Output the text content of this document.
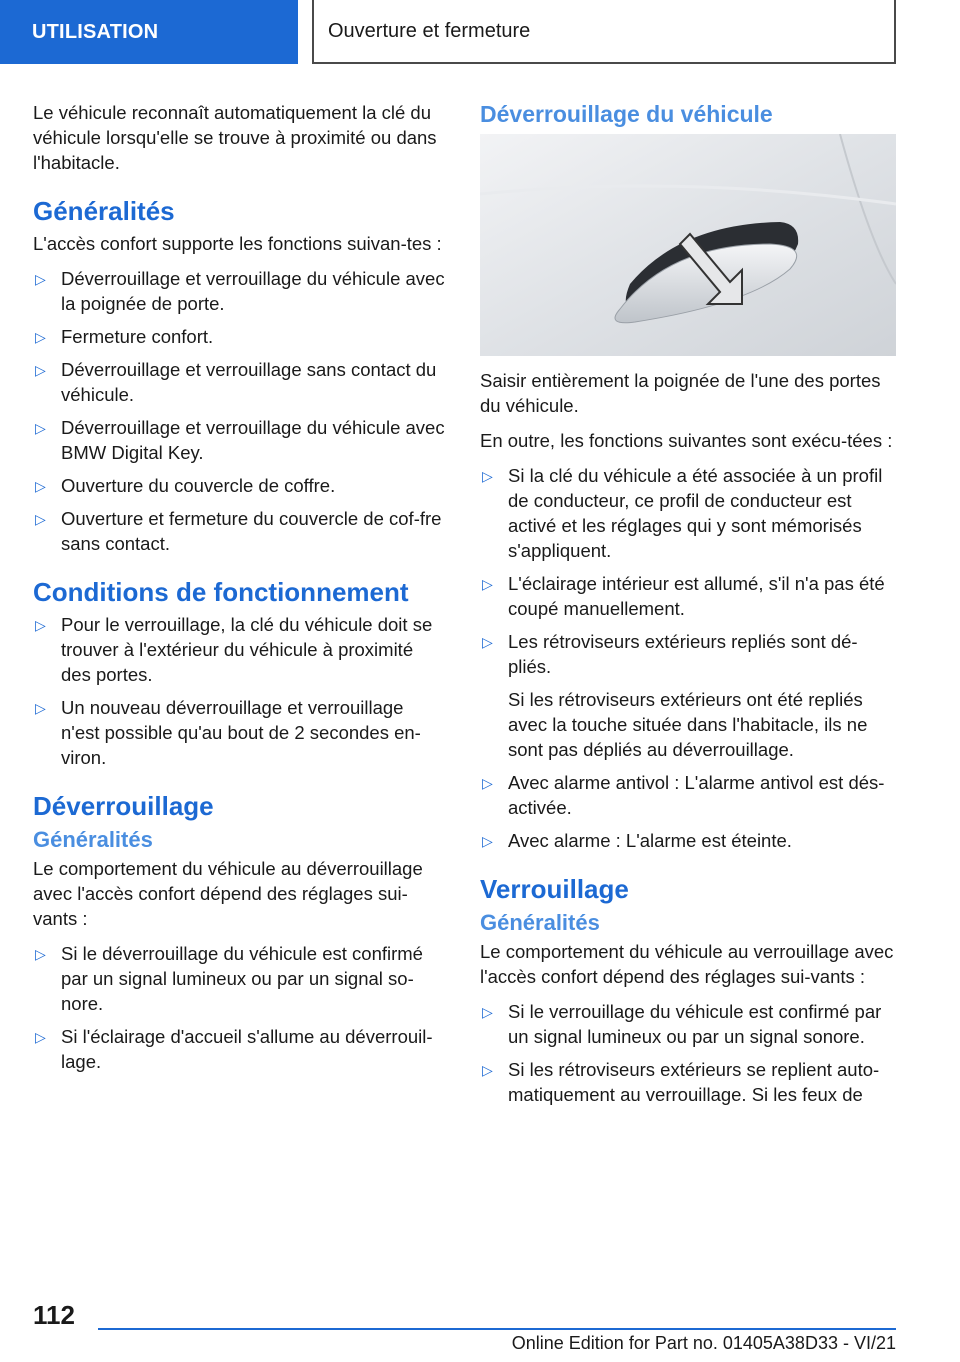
UTILISATION	Ouverture et fermeture

Le véhicule reconnaît automatiquement la clé du véhicule lorsqu'elle se trouve à proximité ou dans l'habitacle.

Généralités

L'accès confort supporte les fonctions suivan-tes :

▷ Déverrouillage et verrouillage du véhicule avec la poignée de porte.
▷ Fermeture confort.
▷ Déverrouillage et verrouillage sans contact du véhicule.
▷ Déverrouillage et verrouillage du véhicule avec BMW Digital Key.
▷ Ouverture du couvercle de coffre.
▷ Ouverture et fermeture du couvercle de cof-fre sans contact.
Conditions de fonctionnement
▷ Pour le verrouillage, la clé du véhicule doit se trouver à l'extérieur du véhicule à proximité des portes.
▷ Un nouveau déverrouillage et verrouillage n'est possible qu'au bout de 2 secondes en-viron.
Déverrouillage
Généralités

Le comportement du véhicule au déverrouillage avec l'accès confort dépend des réglages sui-vants :

▷ Si le déverrouillage du véhicule est confirmé par un signal lumineux ou par un signal so-nore.
▷ Si l'éclairage d'accueil s'allume au déverrouil-lage.
Déverrouillage du véhicule

Saisir entièrement la poignée de l'une des portes du véhicule.

En outre, les fonctions suivantes sont exécu-tées :

▷ Si la clé du véhicule a été associée à un profil de conducteur, ce profil de conducteur est activé et les réglages qui y sont mémorisés s'appliquent.
▷ L'éclairage intérieur est allumé, s'il n'a pas été coupé manuellement.
▷ Les rétroviseurs extérieurs repliés sont dé-pliés.
Si les rétroviseurs extérieurs ont été repliés avec la touche située dans l'habitacle, ils ne sont pas dépliés au déverrouillage.
▷ Avec alarme antivol : L'alarme antivol est dés-activée.
▷ Avec alarme : L'alarme est éteinte.
Verrouillage
Généralités

Le comportement du véhicule au verrouillage avec l'accès confort dépend des réglages sui-vants :

▷ Si le verrouillage du véhicule est confirmé par un signal lumineux ou par un signal sonore.
▷ Si les rétroviseurs extérieurs se replient auto-matiquement au verrouillage. Si les feux de
112
Online Edition for Part no. 01405A38D33 - VI/21
